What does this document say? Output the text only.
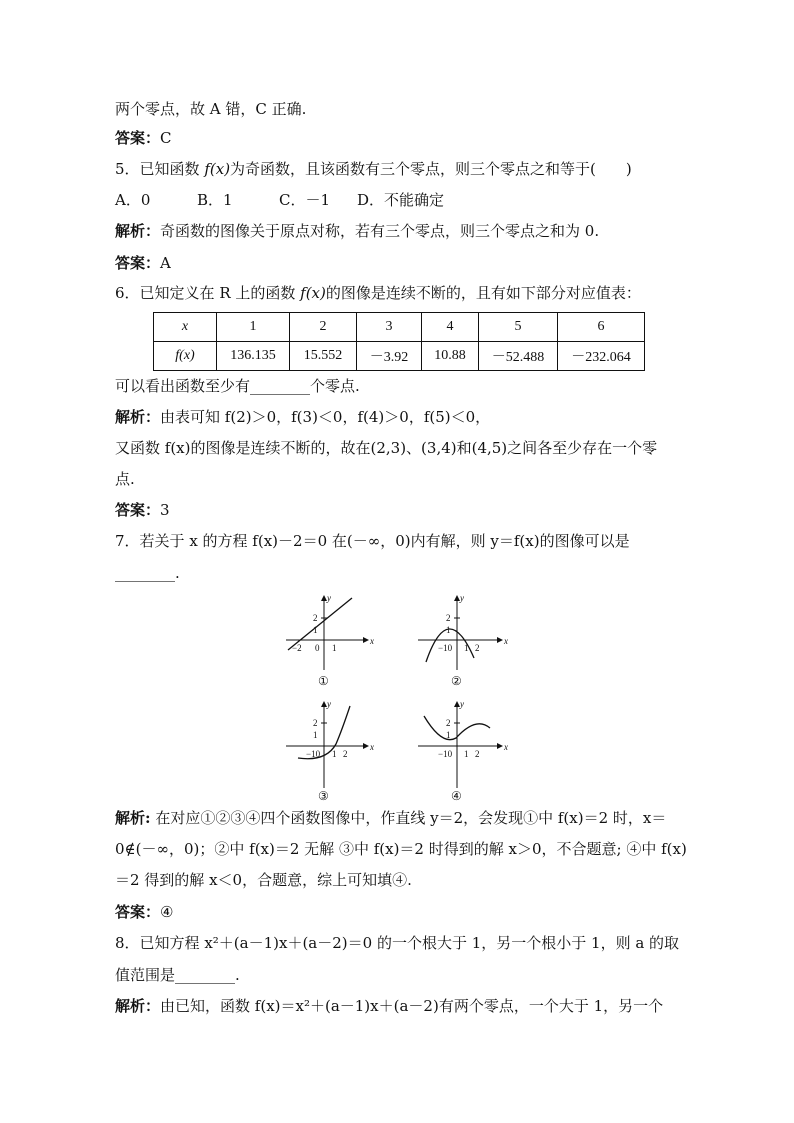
两个零点，故 A 错，C 正确.
答案：C
5．已知函数 f(x)为奇函数，且该函数有三个零点，则三个零点之和等于(　　)
A．0	B．1	C．－1 D．不能确定
解析：奇函数的图像关于原点对称，若有三个零点，则三个零点之和为 0.
答案：A
6．已知定义在 R 上的函数 f(x)的图像是连续不断的，且有如下部分对应值表：
x	1	2	3	4	5	6
f(x)	136.135	15.552	－3.92	10.88	－52.488	－232.064
可以看出函数至少有________个零点.
解析：由表可知 f(2)＞0，f(3)＜0，f(4)＞0，f(5)＜0，
又函数 f(x)的图像是连续不断的，故在(2,3)、(3,4)和(4,5)之间各至少存在一个零
点.
答案：3
7．若关于 x 的方程 f(x)－2＝0 在(－∞，0)内有解，则 y＝f(x)的图像可以是
________.
y
x
2
1
−2 0 1
y
x
2
1
−10 1 2
y
x
2
1
−10 1 2
y
x
2
1
−10 1 2
①	②
③	④
解析: 在对应①②③④四个函数图像中，作直线 y＝2，会发现①中 f(x)＝2 时，x＝
0∉(－∞，0)；②中 f(x)＝2 无解 ③中 f(x)＝2 时得到的解 x＞0，不合题意; ④中 f(x)
＝2 得到的解 x＜0，合题意，综上可知填④.
答案：④
8．已知方程 x²＋(a－1)x＋(a－2)＝0 的一个根大于 1，另一个根小于 1，则 a 的取
值范围是________.
解析：由已知，函数 f(x)＝x²＋(a－1)x＋(a－2)有两个零点，一个大于 1，另一个
